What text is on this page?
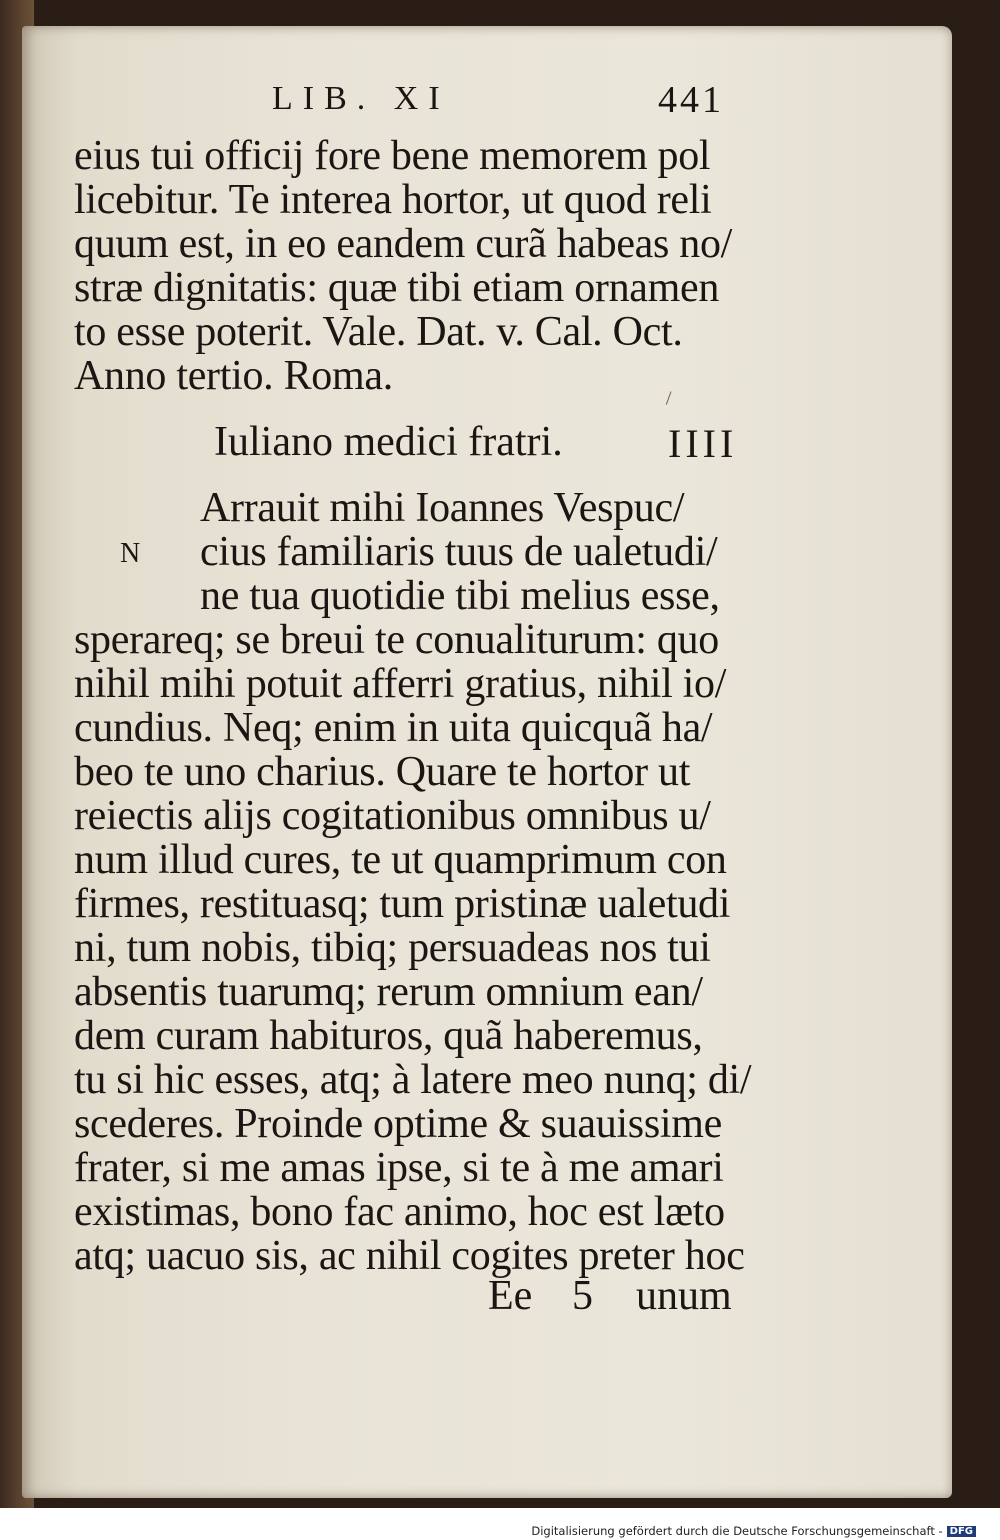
LIB. XI	441
eius tui officij fore bene memorem pol
licebitur. Te interea hortor, ut quod reli
quum est, in eo eandem curã habeas no/
stræ dignitatis: quæ tibi etiam ornamen
to esse poterit. Vale. Dat. v. Cal. Oct.
Anno tertio. Roma.
Iuliano medici fratri.	IIII
N
Arrauit mihi Ioannes Vespuc/
cius familiaris tuus de ualetudi/
ne tua quotidie tibi melius esse,
sperareq; se breui te conualiturum: quo
nihil mihi potuit afferri gratius, nihil io/
cundius. Neq; enim in uita quicquã ha/
beo te uno charius. Quare te hortor ut
reiectis alijs cogitationibus omnibus u/
num illud cures, te ut quamprimum con
firmes, restituasq; tum pristinæ ualetudi
ni, tum nobis, tibiq; persuadeas nos tui
absentis tuarumq; rerum omnium ean/
dem curam habituros, quã haberemus,
tu si hic esses, atq; à latere meo nunq; di/
scederes. Proinde optime & suauissime
frater, si me amas ipse, si te à me amari
existimas, bono fac animo, hoc est læto
atq; uacuo sis, ac nihil cogites preter hoc
Ee 5 unum
Digitalisierung gefördert durch die Deutsche Forschungsgemeinschaft - DFG
